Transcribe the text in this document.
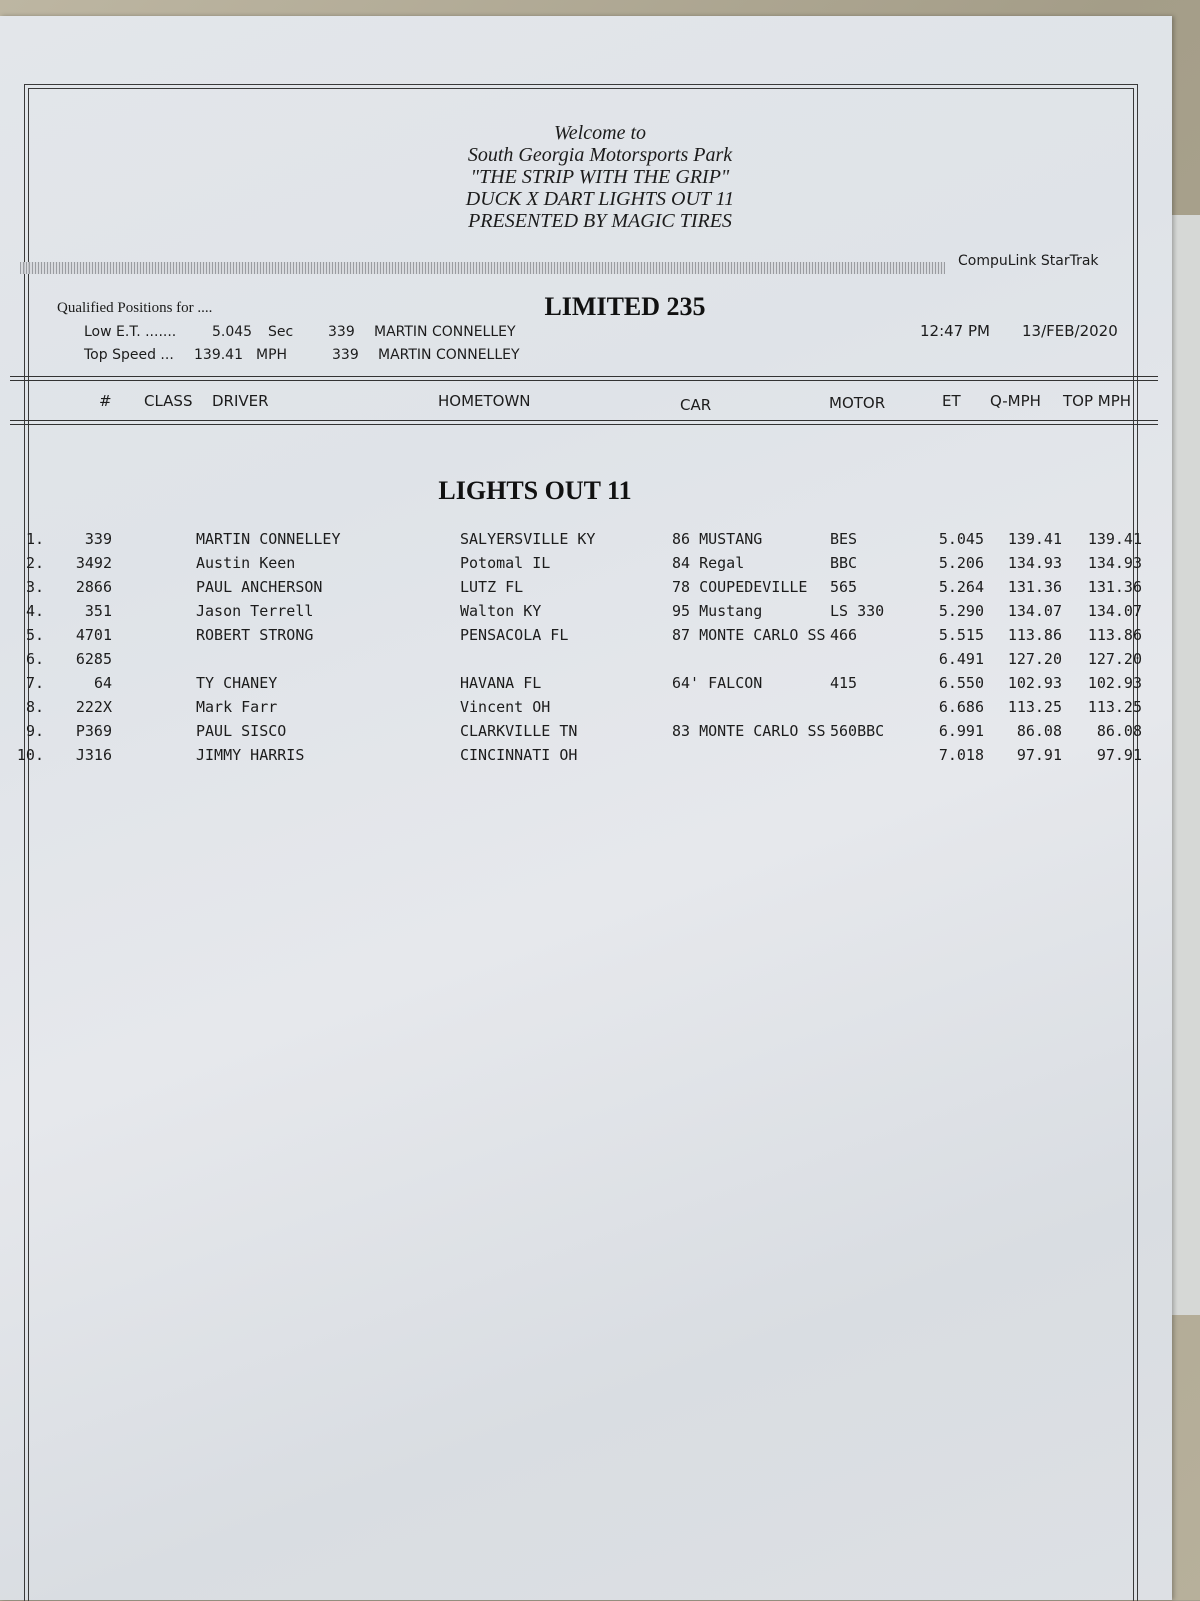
Welcome to
South Georgia Motorsports Park
"THE STRIP WITH THE GRIP"
DUCK X DART LIGHTS OUT 11
PRESENTED BY MAGIC TIRES
CompuLink StarTrak
Qualified Positions for ....	LIMITED 235
12:47 PM 13/FEB/2020
Low E.T. .......	5.045 Sec 339 MARTIN CONNELLEY
Top Speed ... 139.41 MPH	339 MARTIN CONNELLEY
# CLASS DRIVER	HOMETOWN	CAR	MOTOR	ET Q-MPH TOP MPH
LIGHTS OUT 11
1.	339	MARTIN CONNELLEY	SALYERSVILLE KY	86 MUSTANG	BES	5.045	139.41	139.41
2.	3492	Austin Keen	Potomal IL	84 Regal	BBC	5.206	134.93	134.93
3.	2866	PAUL ANCHERSON	LUTZ FL	78 COUPEDEVILLE 565	5.264	131.36	131.36
4.	351	Jason Terrell	Walton KY	95 Mustang	LS 330	5.290	134.07	134.07
5.	4701	ROBERT STRONG	PENSACOLA FL	87 MONTE CARLO SS 466	5.515	113.86	113.86
6.	6285	6.491	127.20	127.20
7.	64	TY CHANEY	HAVANA FL	64' FALCON	415	6.550	102.93	102.93
8.	222X	Mark Farr	Vincent OH	6.686	113.25	113.25
9.	P369	PAUL SISCO	CLARKVILLE TN	83 MONTE CARLO SS 560BBC	6.991	86.08	86.08
10.	J316	JIMMY HARRIS	CINCINNATI OH	7.018	97.91	97.91
